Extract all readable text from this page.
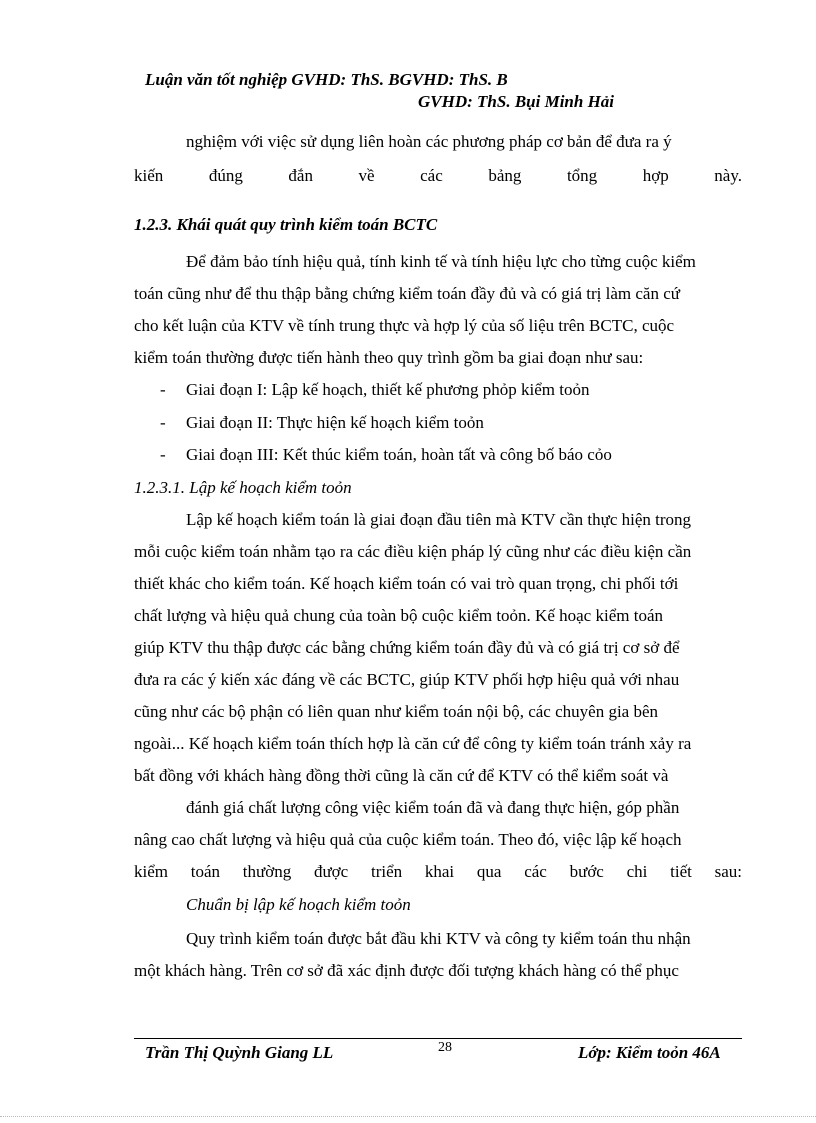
Luận văn tốt nghiệp GVHD: ThS. BGVHD: ThS. B
GVHD: ThS. Bụi Minh Hải
nghiệm với việc sử dụng liên hoàn các phương pháp cơ bản để đưa ra ý
kiến đúng đắn về các bảng tổng hợp này.
1.2.3. Khái quát quy trình kiểm toán BCTC
Để đảm bảo tính hiệu quả, tính kinh tế và tính hiệu lực cho từng cuộc kiểm
toán cũng như để thu thập bằng chứng kiểm toán đầy đủ và có giá trị làm căn cứ
cho kết luận của KTV về tính trung thực và hợp lý của số liệu trên BCTC, cuộc
kiểm toán thường được tiến hành theo quy trình gồm ba giai đoạn như sau:
- Giai đoạn I: Lập kế hoạch, thiết kế phương phỏp kiểm toỏn
- Giai đoạn II: Thực hiện kế hoạch kiểm toỏn
- Giai đoạn III: Kết thúc kiểm toán, hoàn tất và công bố báo cỏo
1.2.3.1. Lập kế hoạch kiểm toỏn
Lập kế hoạch kiểm toán là giai đoạn đầu tiên mà KTV cần thực hiện trong
mỗi cuộc kiểm toán nhằm tạo ra các điều kiện pháp lý cũng như các điều kiện cần
thiết khác cho kiểm toán. Kế hoạch kiểm toán có vai trò quan trọng, chi phối tới
chất lượng và hiệu quả chung của toàn bộ cuộc kiểm toỏn. Kế hoạc kiểm toán
giúp KTV thu thập được các bằng chứng kiểm toán đầy đủ và có giá trị cơ sở để
đưa ra các ý kiến xác đáng về các BCTC, giúp KTV phối hợp hiệu quả với nhau
cũng như các bộ phận có liên quan như kiểm toán nội bộ, các chuyên gia bên
ngoài... Kế hoạch kiểm toán thích hợp là căn cứ để công ty kiểm toán tránh xảy ra
bất đồng với khách hàng đồng thời cũng là căn cứ để KTV có thể kiểm soát và
đánh giá chất lượng công việc kiểm toán đã và đang thực hiện, góp phần
nâng cao chất lượng và hiệu quả của cuộc kiểm toán. Theo đó, việc lập kế hoạch
kiểm toán thường được triển khai qua các bước chi tiết sau:
Chuẩn bị lập kế hoạch kiểm toỏn
Quy trình kiểm toán được bắt đầu khi KTV và công ty kiểm toán thu nhận
một khách hàng. Trên cơ sở đã xác định được đối tượng khách hàng có thể phục
Trần Thị Quỳnh Giang LL	28	Lớp: Kiểm toỏn 46A
